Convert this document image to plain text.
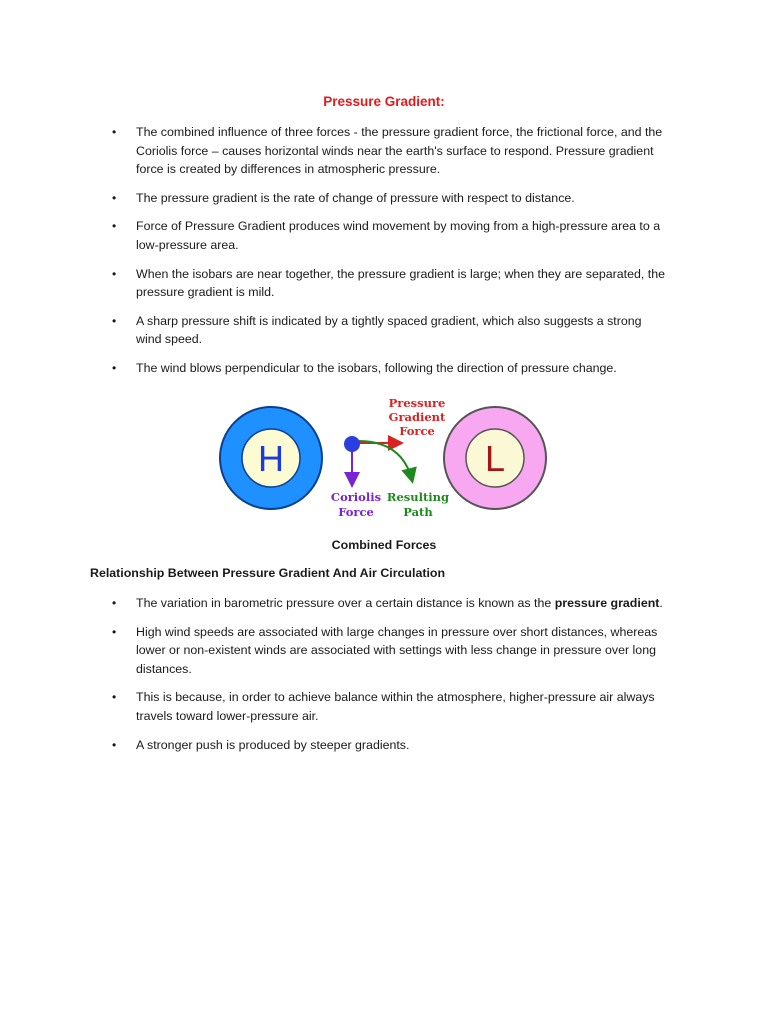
Pressure Gradient:
• The combined influence of three forces - the pressure gradient force, the frictional force, and the Coriolis force – causes horizontal winds near the earth's surface to respond. Pressure gradient force is created by differences in atmospheric pressure.
• The pressure gradient is the rate of change of pressure with respect to distance.
• Force of Pressure Gradient produces wind movement by moving from a high-pressure area to a low-pressure area.
• When the isobars are near together, the pressure gradient is large; when they are separated, the pressure gradient is mild.
• A sharp pressure shift is indicated by a tightly spaced gradient, which also suggests a strong wind speed.
• The wind blows perpendicular to the isobars, following the direction of pressure change.
H	L
Pressure
Gradient
Force
Coriolis
Force
Resulting
Path
Combined Forces
Relationship Between Pressure Gradient And Air Circulation
• The variation in barometric pressure over a certain distance is known as the pressure gradient.
• High wind speeds are associated with large changes in pressure over short distances, whereas lower or non-existent winds are associated with settings with less change in pressure over long distances.
• This is because, in order to achieve balance within the atmosphere, higher-pressure air always travels toward lower-pressure air.
• A stronger push is produced by steeper gradients.
